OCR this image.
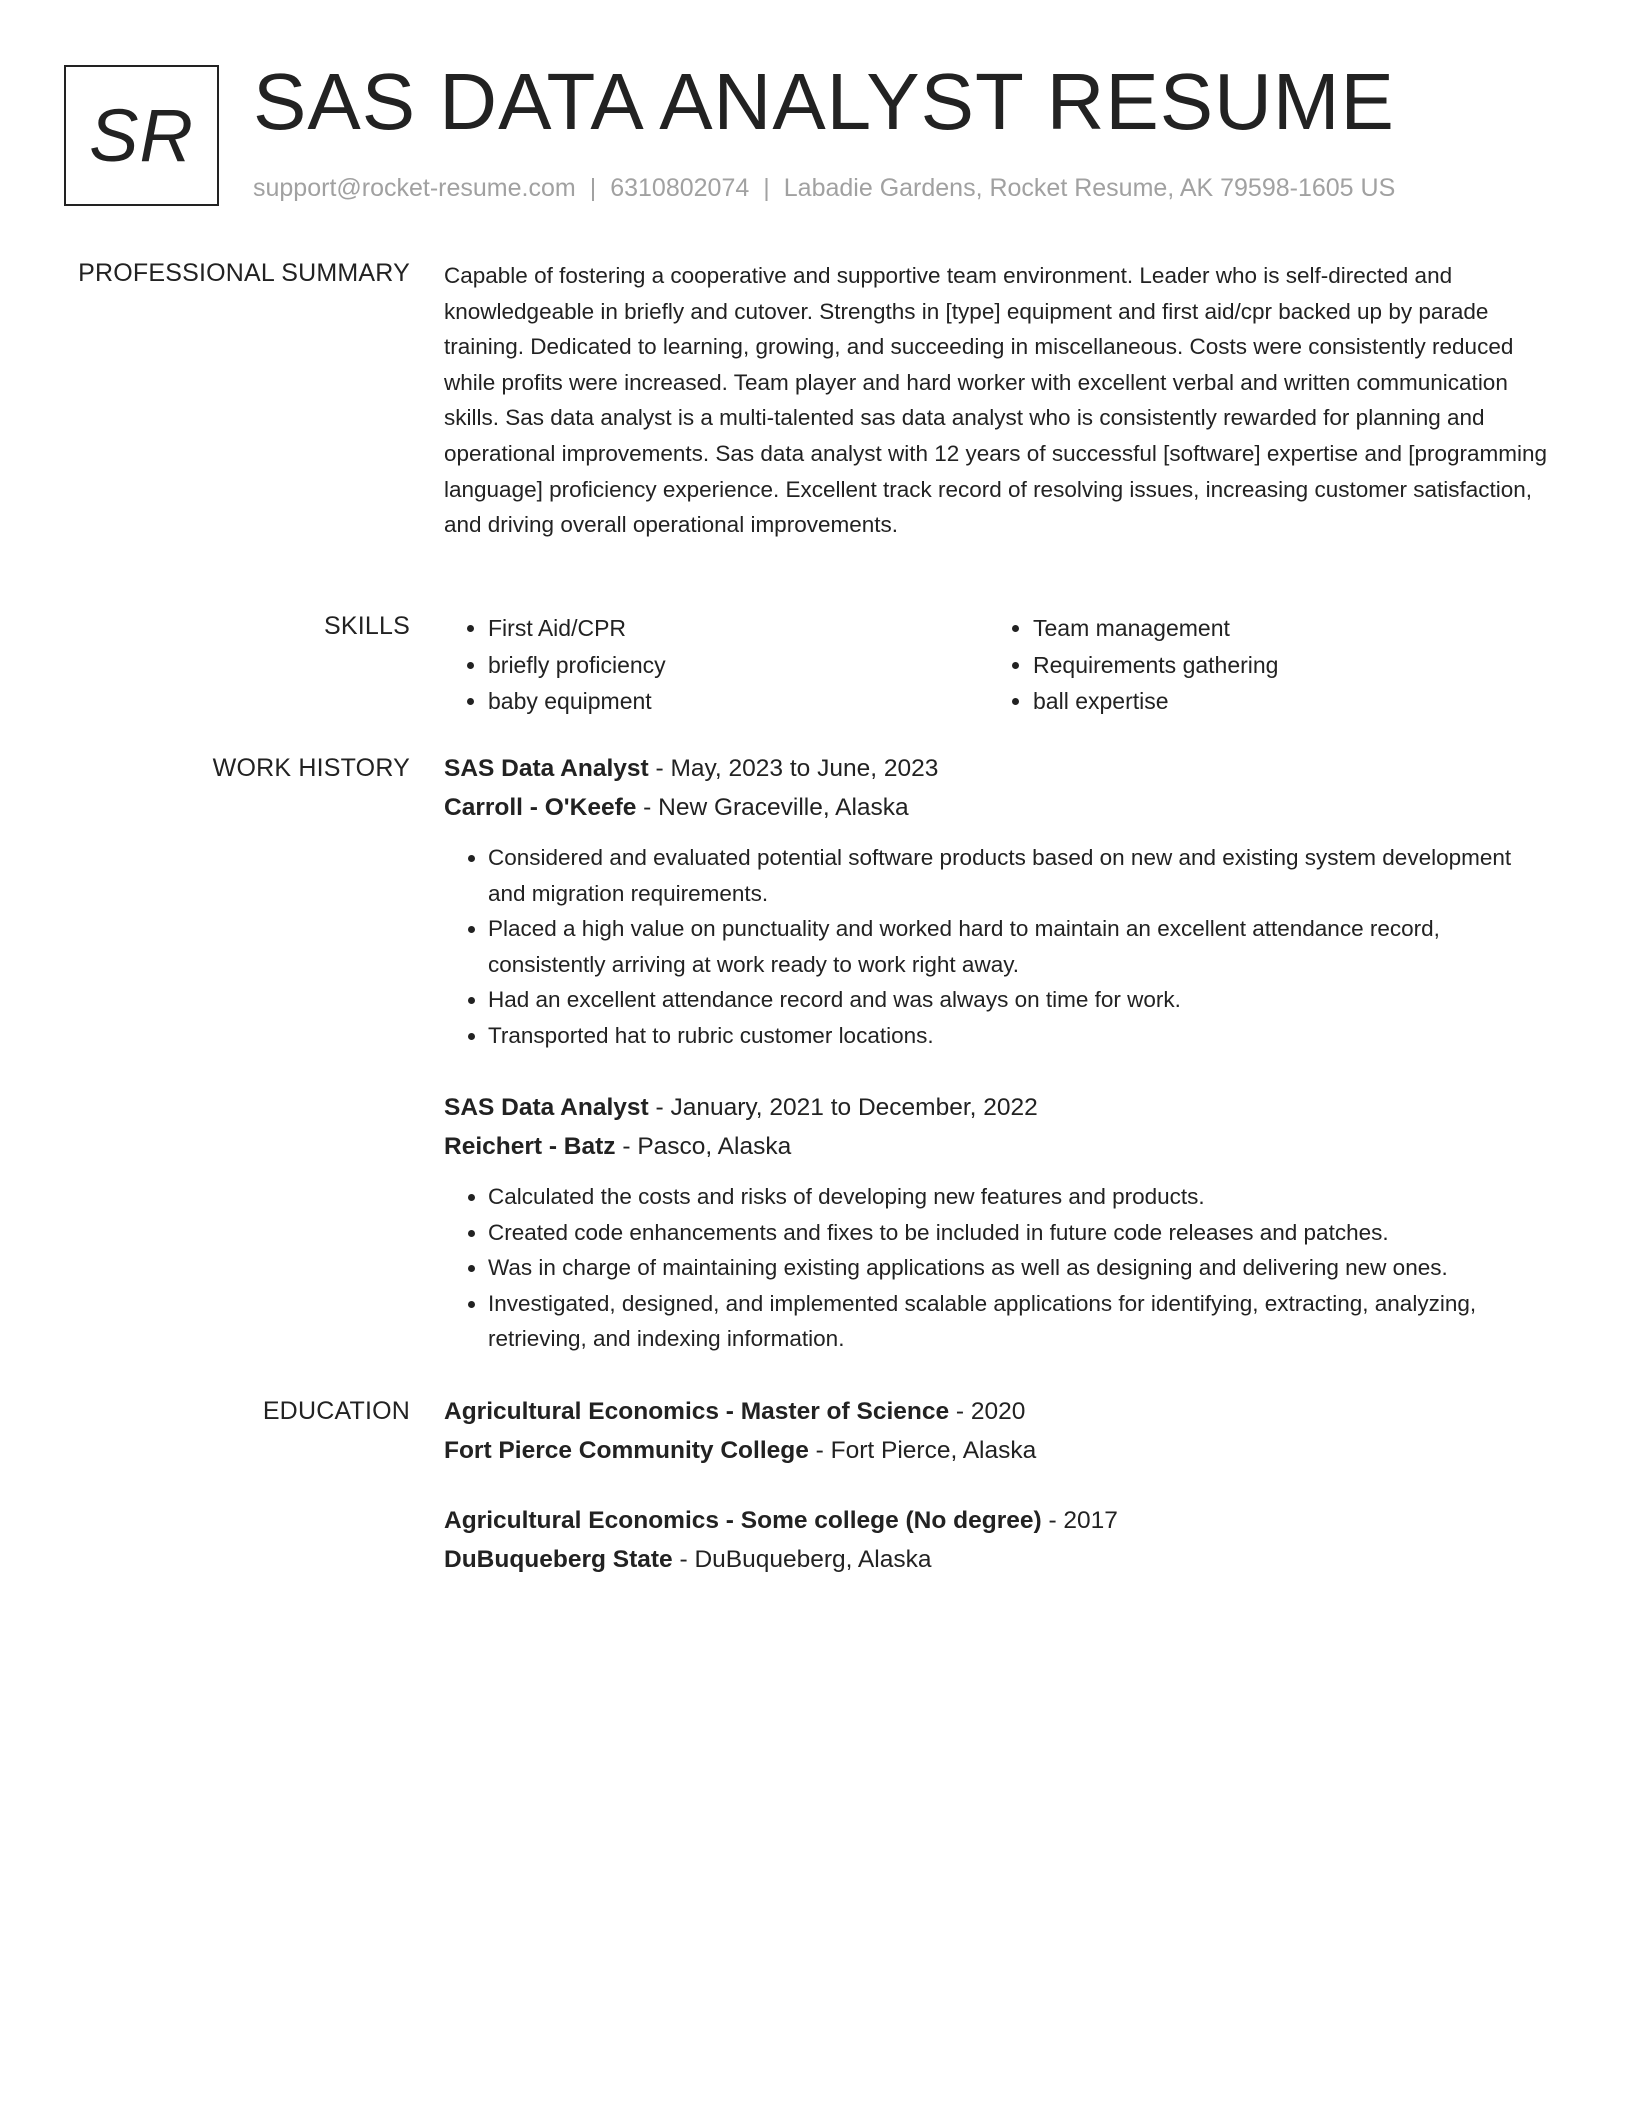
SR SAS DATA ANALYST RESUME
support@rocket-resume.com | 6310802074 | Labadie Gardens, Rocket Resume, AK 79598-1605 US
PROFESSIONAL SUMMARY Capable of fostering a cooperative and supportive team environment. Leader who is self-directed and knowledgeable in briefly and cutover. Strengths in [type] equipment and first aid/cpr backed up by parade training. Dedicated to learning, growing, and succeeding in miscellaneous. Costs were consistently reduced while profits were increased. Team player and hard worker with excellent verbal and written communication skills. Sas data analyst is a multi-talented sas data analyst who is consistently rewarded for planning and operational improvements. Sas data analyst with 12 years of successful [software] expertise and [programming language] proficiency experience. Excellent track record of resolving issues, increasing customer satisfaction, and driving overall operational improvements.
SKILLS
•	First Aid/CPR
• briefly proficiency
• baby equipment
• Team management
• Requirements gathering
• ball expertise
WORK HISTORY SAS Data Analyst - May, 2023 to June, 2023
Carroll - O'Keefe - New Graceville, Alaska
• Considered and evaluated potential software products based on new and existing system development and migration requirements.
• Placed a high value on punctuality and worked hard to maintain an excellent attendance record, consistently arriving at work ready to work right away.
• Had an excellent attendance record and was always on time for work.
• Transported hat to rubric customer locations.
SAS Data Analyst - January, 2021 to December, 2022
Reichert - Batz - Pasco, Alaska
• Calculated the costs and risks of developing new features and products.
• Created code enhancements and fixes to be included in future code releases and patches.
• Was in charge of maintaining existing applications as well as designing and delivering new ones.
• Investigated, designed, and implemented scalable applications for identifying, extracting, analyzing, retrieving, and indexing information.
EDUCATION Agricultural Economics - Master of Science - 2020
Fort Pierce Community College - Fort Pierce, Alaska
Agricultural Economics - Some college (No degree) - 2017
DuBuqueberg State - DuBuqueberg, Alaska
